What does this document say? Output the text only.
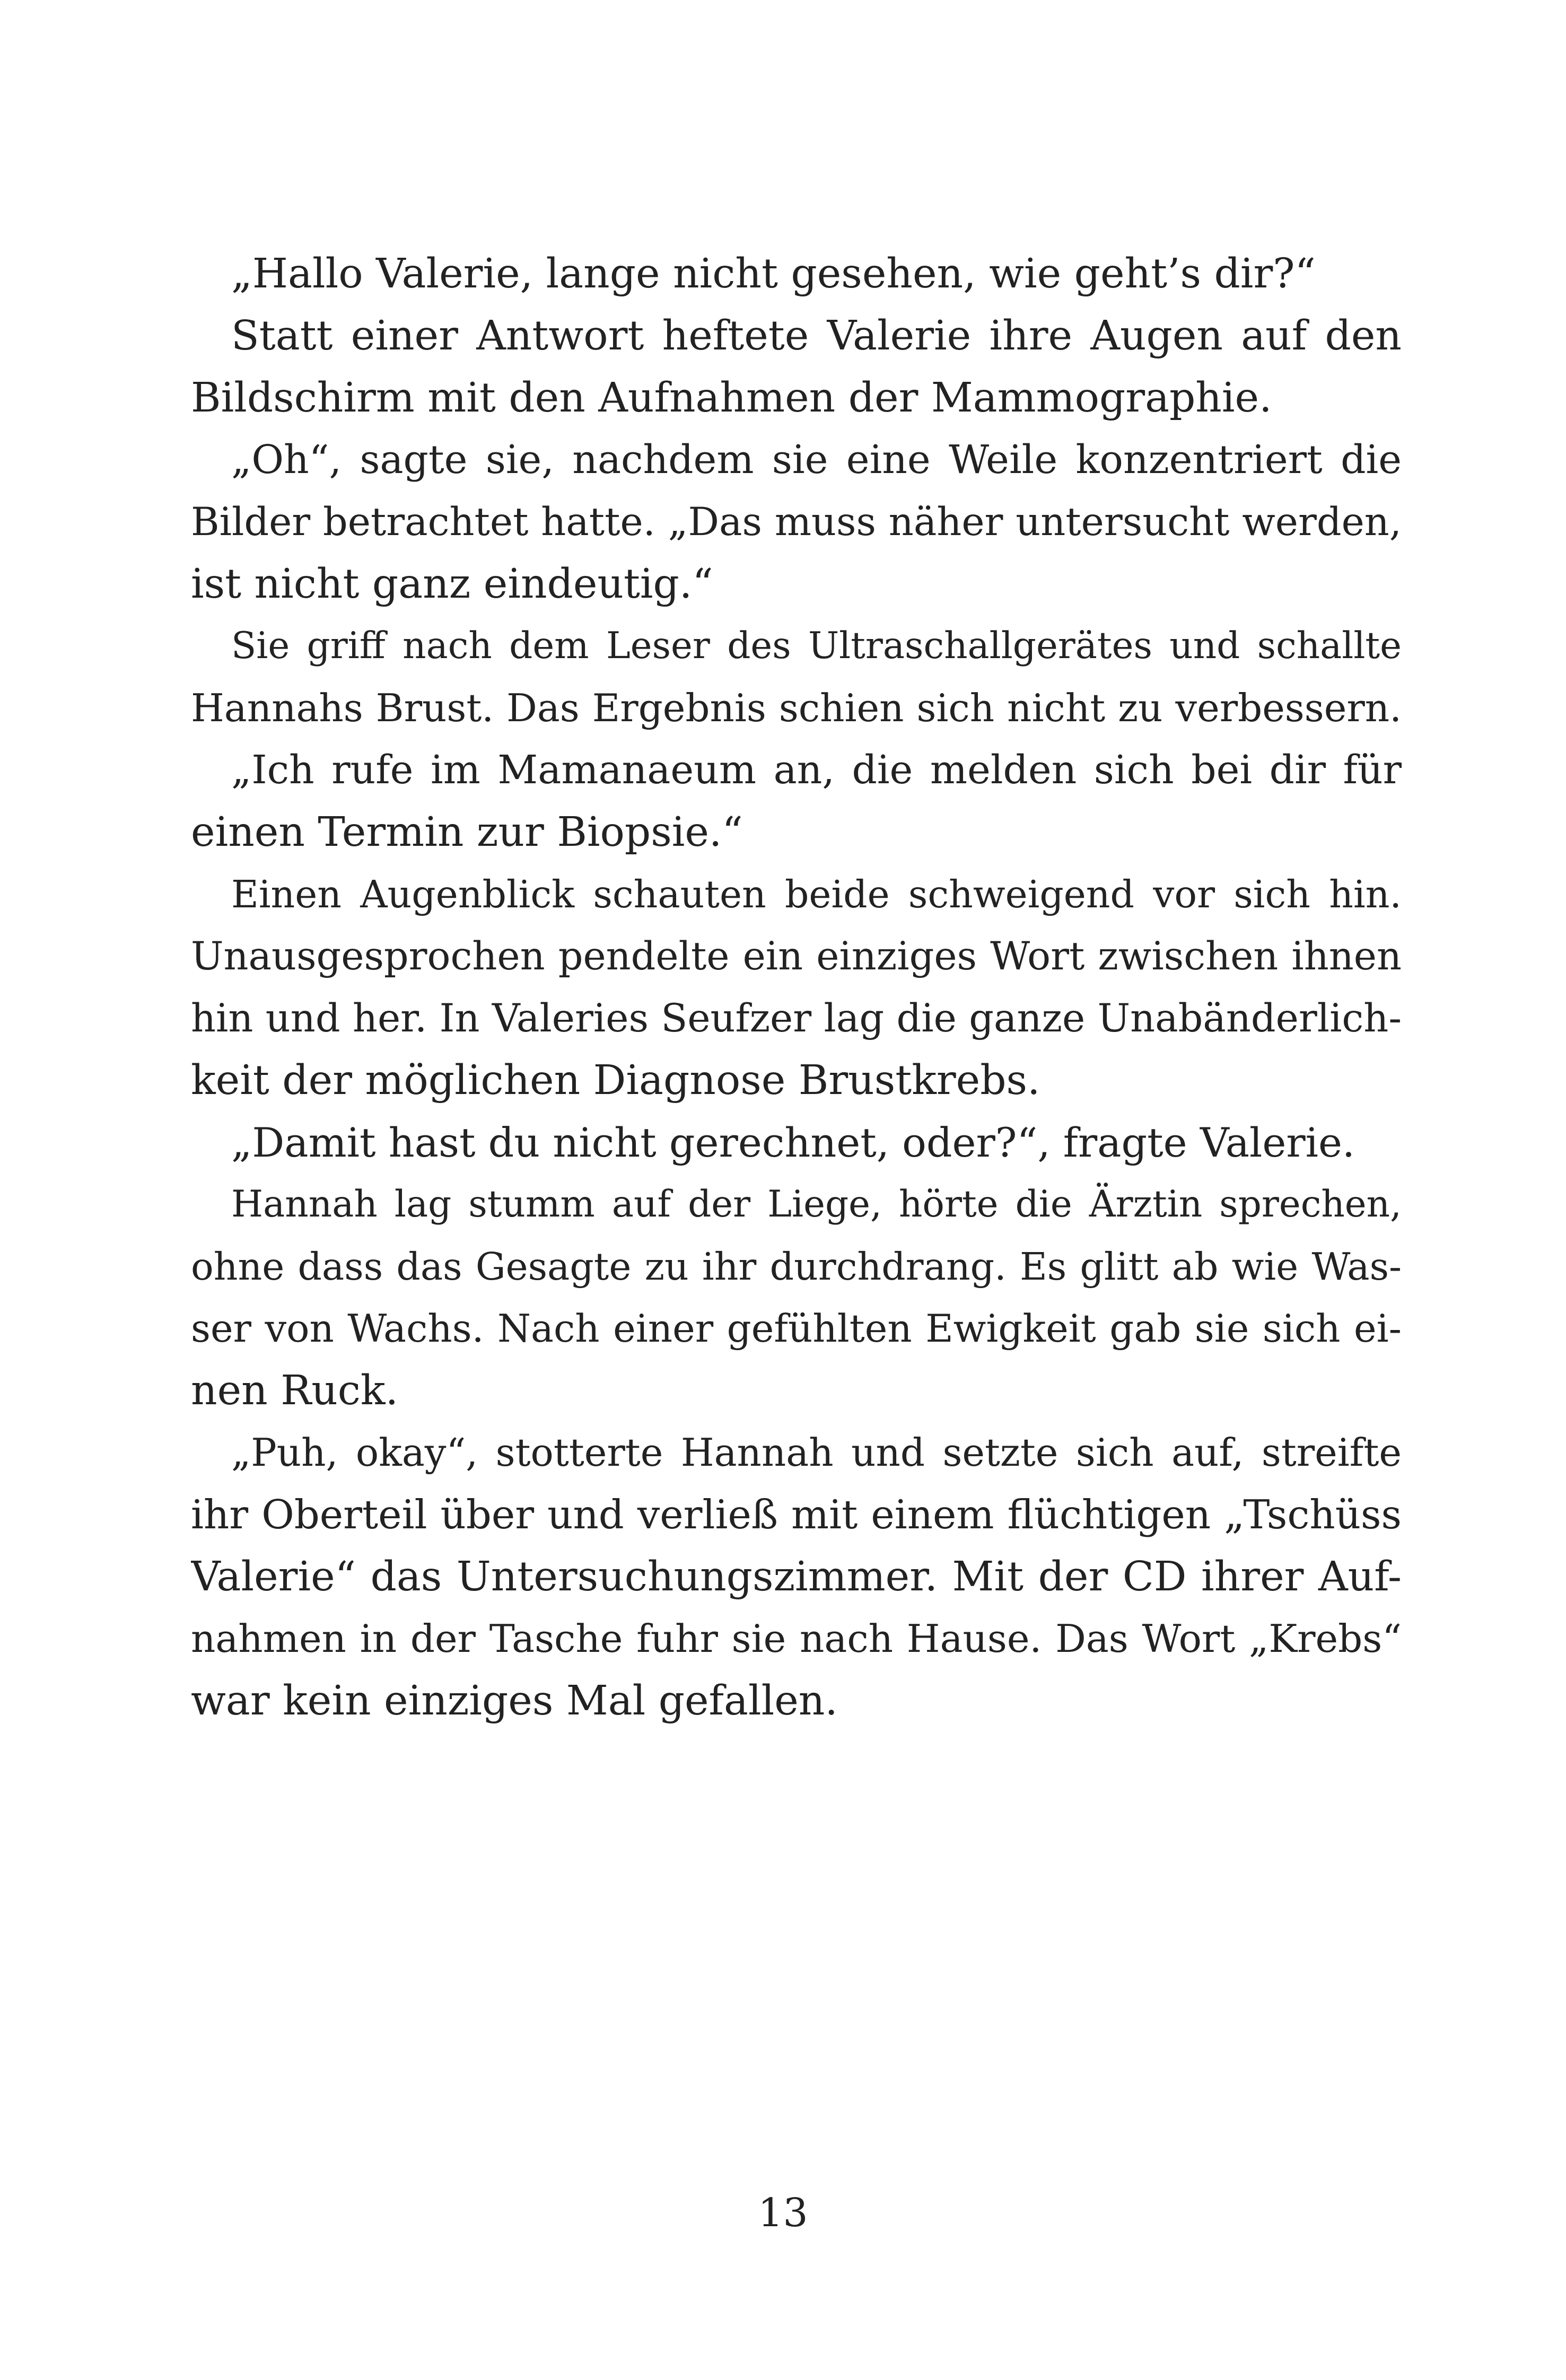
„Hallo Valerie, lange nicht gesehen, wie geht’s dir?“
Statt einer Antwort heftete Valerie ihre Augen auf den
Bildschirm mit den Aufnahmen der Mammographie.
„Oh“, sagte sie, nachdem sie eine Weile konzentriert die
Bilder betrachtet hatte. „Das muss näher untersucht werden,
ist nicht ganz eindeutig.“
Sie griff nach dem Leser des Ultraschallgerätes und schallte
Hannahs Brust. Das Ergebnis schien sich nicht zu verbessern.
„Ich rufe im Mamanaeum an, die melden sich bei dir für
einen Termin zur Biopsie.“
Einen Augenblick schauten beide schweigend vor sich hin.
Unausgesprochen pendelte ein einziges Wort zwischen ihnen
hin und her. In Valeries Seufzer lag die ganze Unabänderlich-
keit der möglichen Diagnose Brustkrebs.
„Damit hast du nicht gerechnet, oder?“, fragte Valerie.
Hannah lag stumm auf der Liege, hörte die Ärztin sprechen,
ohne dass das Gesagte zu ihr durchdrang. Es glitt ab wie Was-
ser von Wachs. Nach einer gefühlten Ewigkeit gab sie sich ei-
nen Ruck.
„Puh, okay“, stotterte Hannah und setzte sich auf, streifte
ihr Oberteil über und verließ mit einem flüchtigen „Tschüss
Valerie“ das Untersuchungszimmer. Mit der CD ihrer Auf-
nahmen in der Tasche fuhr sie nach Hause. Das Wort „Krebs“
war kein einziges Mal gefallen.
13
